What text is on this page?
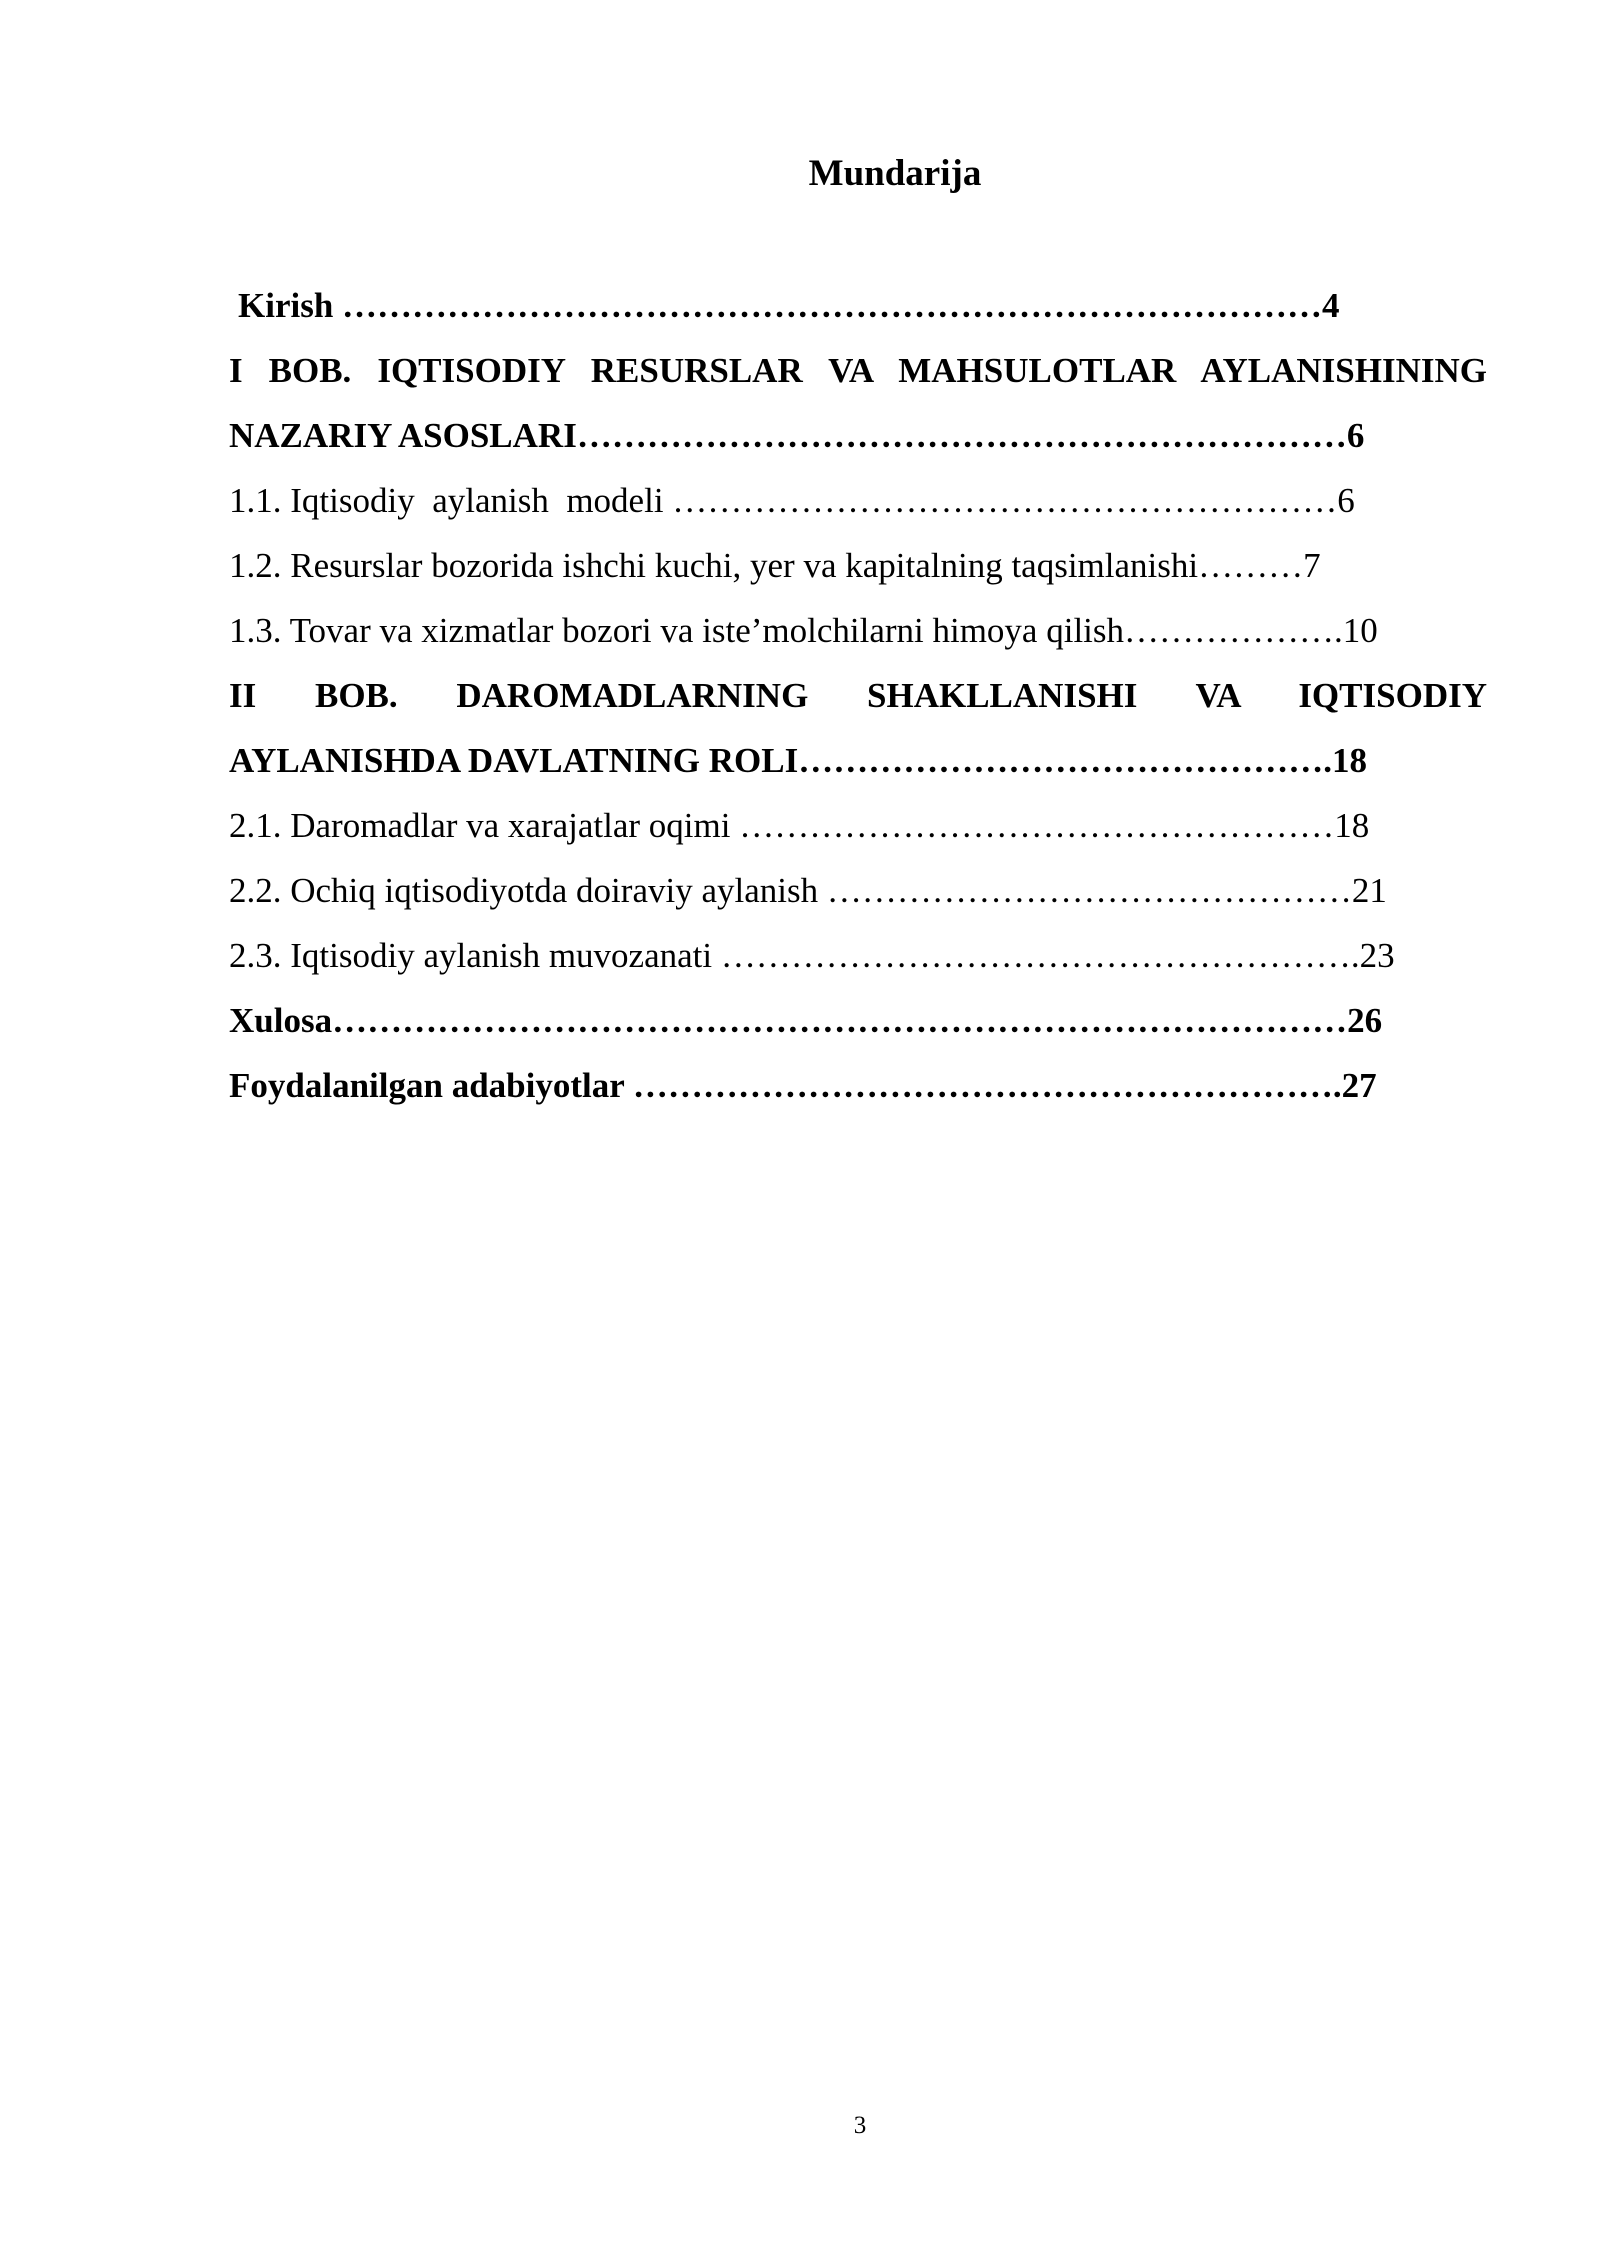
Mundarija
Kirish …………………………………………………………………………4
I BOB. IQTISODIY RESURSLAR VA MAHSULOTLAR AYLANISHINING
NAZARIY ASOSLARI…………………………………………………………6
1.1. Iqtisodiy  aylanish  modeli …………………………………………………6
1.2. Resurslar bozorida ishchi kuchi, yer va kapitalning taqsimlanishi………7
1.3. Tovar va xizmatlar bozori va iste’molchilarni himoya qilish……………….10
II BOB. DAROMADLARNING SHAKLLANISHI VA IQTISODIY
AYLANISHDA DAVLATNING ROLI……………………………………….18
2.1. Daromadlar va xarajatlar oqimi ……………………………………………18
2.2. Ochiq iqtisodiyotda doiraviy aylanish ………………………………………21
2.3. Iqtisodiy aylanish muvozanati ……………………………………………….23
Xulosa……………………………………………………………………………26
Foydalanilgan adabiyotlar …………………………………………………….27
3
